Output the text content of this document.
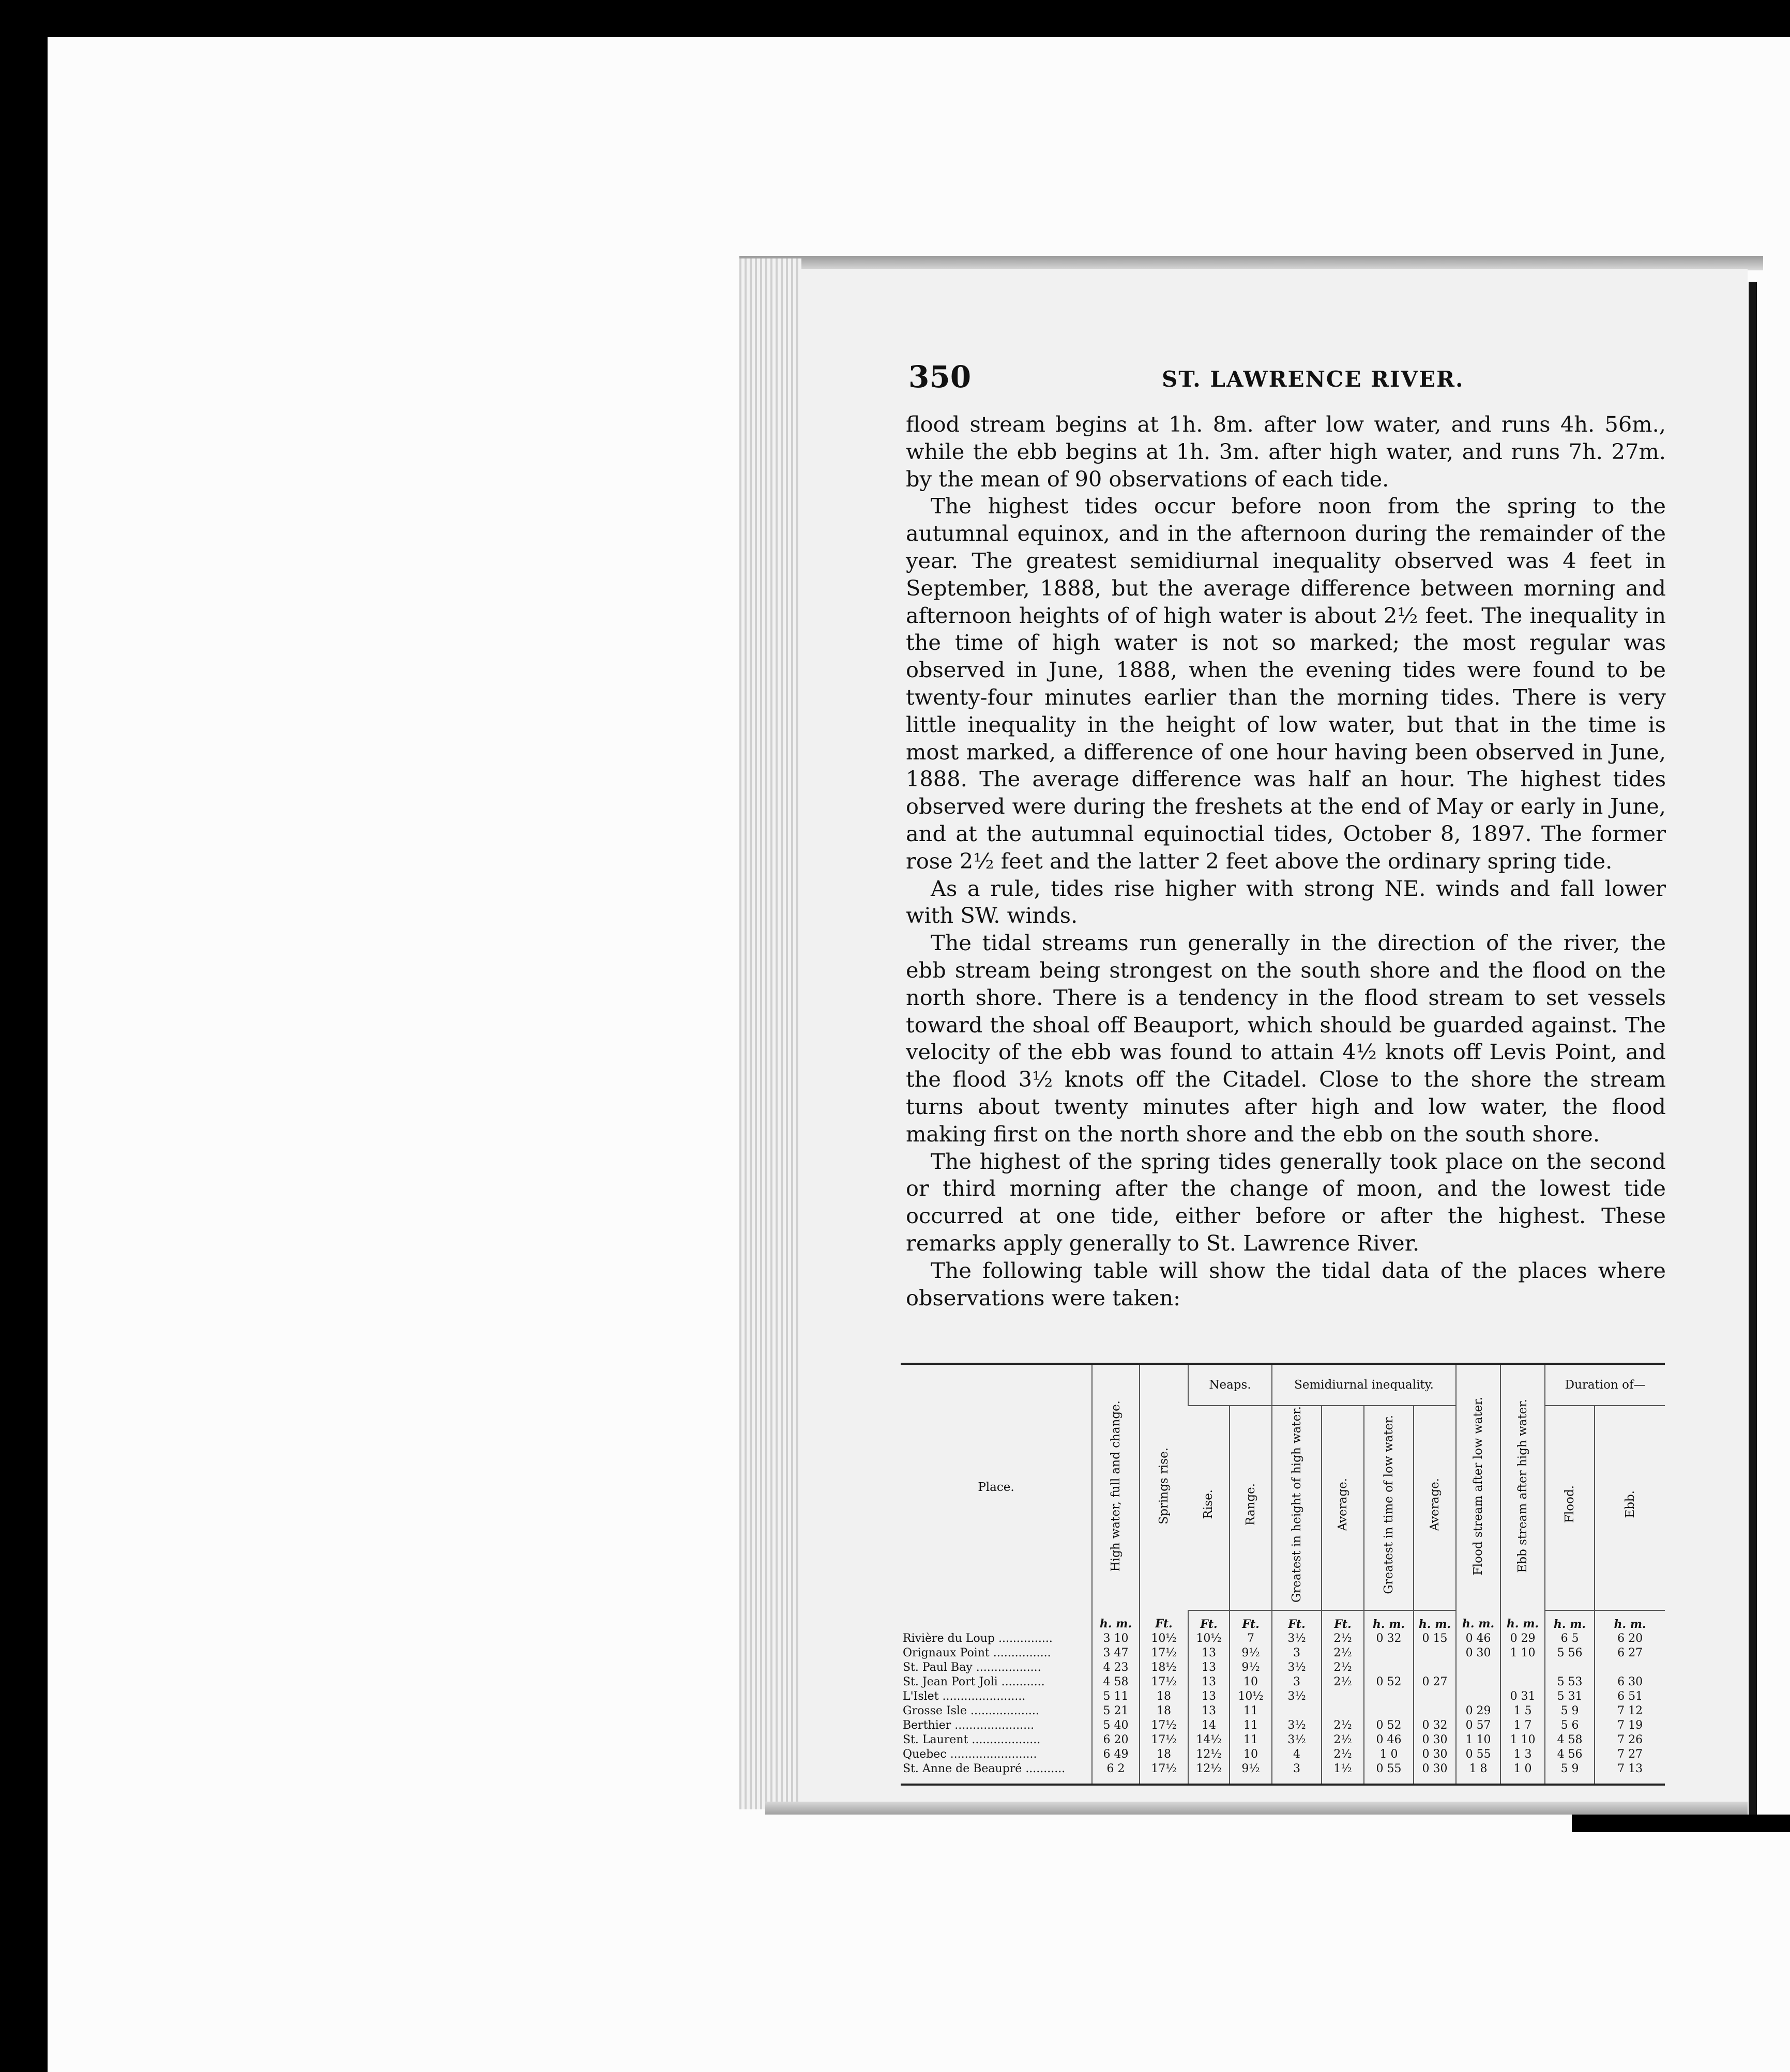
350	ST. LAWRENCE RIVER.

flood stream begins at 1h. 8m. after low water, and runs 4h. 56m., while the ebb begins at 1h. 3m. after high water, and runs 7h. 27m. by the mean of 90 observations of each tide.

The highest tides occur before noon from the spring to the autumnal equinox, and in the afternoon during the remainder of the year. The greatest semidiurnal inequality observed was 4 feet in September, 1888, but the average difference between morning and afternoon heights of of high water is about 2½ feet. The inequality in the time of high water is not so marked; the most regular was observed in June, 1888, when the evening tides were found to be twenty-four minutes earlier than the morning tides. There is very little inequality in the height of low water, but that in the time is most marked, a difference of one hour having been observed in June, 1888. The average difference was half an hour. The highest tides observed were during the freshets at the end of May or early in June, and at the autumnal equinoctial tides, October 8, 1897. The former rose 2½ feet and the latter 2 feet above the ordinary spring tide.

As a rule, tides rise higher with strong NE. winds and fall lower with SW. winds.

The tidal streams run generally in the direction of the river, the ebb stream being strongest on the south shore and the flood on the north shore. There is a tendency in the flood stream to set vessels toward the shoal off Beauport, which should be guarded against. The velocity of the ebb was found to attain 4½ knots off Levis Point, and the flood 3½ knots off the Citadel. Close to the shore the stream turns about twenty minutes after high and low water, the flood making first on the north shore and the ebb on the south shore.

The highest of the spring tides generally took place on the second or third morning after the change of moon, and the lowest tide occurred at one tide, either before or after the highest. These remarks apply generally to St. Lawrence River.

The following table will show the tidal data of the places where observations were taken:

Place.	High water, full and change.	Springs rise.	Neaps.		Semidiurnal inequality.				Flood stream after low water.	Ebb stream after high water.	Duration of—	
			Rise.	Range.	Greatest in height of high water.	Average.	Greatest in time of low water.	Average.			Flood.	Ebb.
	h. m.	Ft.	Ft.	Ft.	Ft.	Ft.	h. m.	h. m.	h. m.	h. m.	h. m.	h. m.
Rivière du Loup ...............	3 10	10½	10½	7	3½	2½	0 32	0 15	0 46	0 29	6 5	6 20
Orignaux Point ................	3 47	17½	13	9½	3	2½			0 30	1 10	5 56	6 27
St. Paul Bay ..................	4 23	18½	13	9½	3½	2½						
St. Jean Port Joli ............	4 58	17½	13	10	3	2½	0 52	0 27			5 53	6 30
L'Islet .......................	5 11	18	13	10½	3½					0 31	5 31	6 51
Grosse Isle ...................	5 21	18	13	11					0 29	1 5	5 9	7 12
Berthier ......................	5 40	17½	14	11	3½	2½	0 52	0 32	0 57	1 7	5 6	7 19
St. Laurent ...................	6 20	17½	14½	11	3½	2½	0 46	0 30	1 10	1 10	4 58	7 26
Quebec ........................	6 49	18	12½	10	4	2½	1 0	0 30	0 55	1 3	4 56	7 27
St. Anne de Beaupré ...........	6 2	17½	12½	9½	3	1½	0 55	0 30	1 8	1 0	5 9	7 13
